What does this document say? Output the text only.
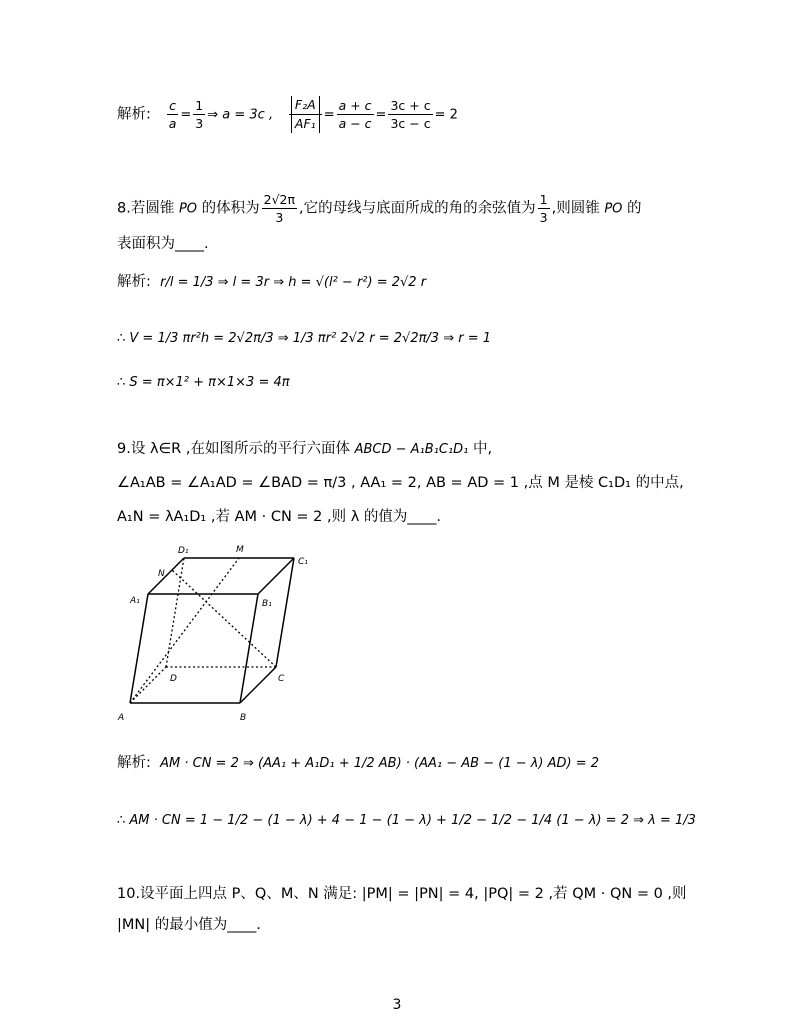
解析: $\frac{c}{a} = \frac{1}{3}$ ⇒ a = 3c , $\frac{\text{F₂A}}{\text{AF₁}} = \frac{a + c}{a - c} = \frac{3c + c}{3c - c} = 2$
8.若圆锥 PO 的体积为 $\frac{2√2\pi}{3}$ ,它的母线与底面所成的角的余弦值为 $\frac{1}{3}$ ,则圆锥 PO 的
表面积为____.
解析: r/l = 1/3 ⇒ l = 3r ⇒ h = √(l² − r²) = 2√2 r
∴ V = 1/3 πr²h = 2√2π/3 ⇒ 1/3 πr² 2√2 r = 2√2π/3 ⇒ r = 1
∴ S = π×1² + π×1×3 = 4π
9.设 λ∈R ,在如图所示的平行六面体 ABCD − A₁B₁C₁D₁ 中,
∠A₁AB = ∠A₁AD = ∠BAD = π/3 , AA₁ = 2, AB = AD = 1 ,点 M 是棱 C₁D₁ 的中点,
A₁N = λA₁D₁ ,若 AM · CN = 2 ,则 λ 的值为____.
D₁	M
C₁
N
A₁	B₁
D	C
A	B
解析: AM · CN = 2 ⇒ (AA₁ + A₁D₁ + 1/2 AB) · (AA₁ − AB − (1 − λ) AD) = 2
∴ AM · CN = 1 − 1/2 − (1 − λ) + 4 − 1 − (1 − λ) + 1/2 − 1/2 − 1/4 (1 − λ) = 2 ⇒ λ = 1/3
10.设平面上四点 P、Q、M、N 满足: |PM| = |PN| = 4, |PQ| = 2 ,若 QM · QN = 0 ,则
|MN| 的最小值为____.
3
